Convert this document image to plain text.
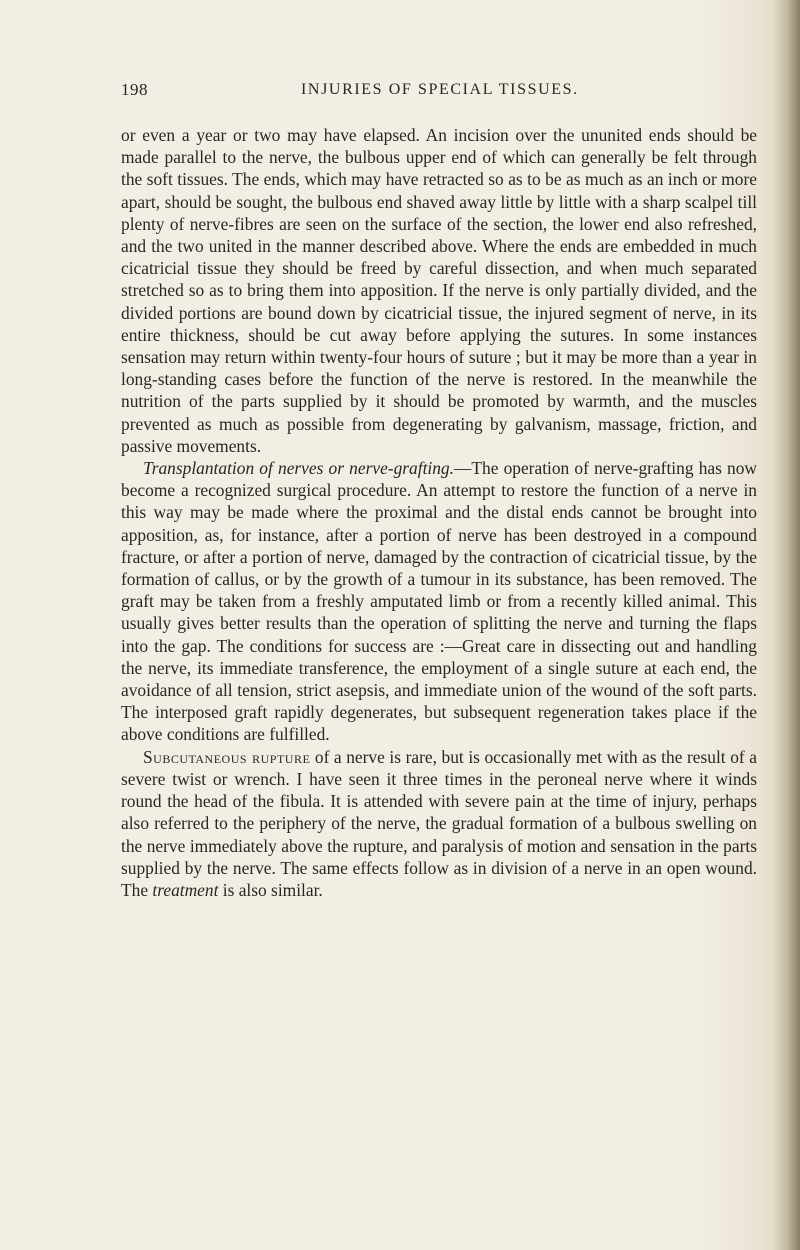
198	INJURIES OF SPECIAL TISSUES.

or even a year or two may have elapsed. An incision over the ununited ends should be made parallel to the nerve, the bulbous upper end of which can generally be felt through the soft tissues. The ends, which may have retracted so as to be as much as an inch or more apart, should be sought, the bulbous end shaved away little by little with a sharp scalpel till plenty of nerve-fibres are seen on the surface of the section, the lower end also refreshed, and the two united in the manner described above. Where the ends are embedded in much cicatricial tissue they should be freed by careful dissection, and when much separated stretched so as to bring them into apposition. If the nerve is only partially divided, and the divided portions are bound down by cicatricial tissue, the injured segment of nerve, in its entire thickness, should be cut away before applying the sutures. In some instances sensation may return within twenty-four hours of suture ; but it may be more than a year in long-standing cases before the function of the nerve is restored. In the meanwhile the nutrition of the parts supplied by it should be promoted by warmth, and the muscles prevented as much as possible from degenerating by galvanism, massage, friction, and passive movements.

Transplantation of nerves or nerve-grafting.—The operation of nerve-grafting has now become a recognized surgical procedure. An attempt to restore the function of a nerve in this way may be made where the proximal and the distal ends cannot be brought into apposition, as, for instance, after a portion of nerve has been destroyed in a compound fracture, or after a portion of nerve, damaged by the contraction of cicatricial tissue, by the formation of callus, or by the growth of a tumour in its substance, has been removed. The graft may be taken from a freshly amputated limb or from a recently killed animal. This usually gives better results than the operation of splitting the nerve and turning the flaps into the gap. The conditions for success are :—Great care in dissecting out and handling the nerve, its immediate transference, the employment of a single suture at each end, the avoidance of all tension, strict asepsis, and immediate union of the wound of the soft parts. The interposed graft rapidly degenerates, but subsequent regeneration takes place if the above conditions are fulfilled.

Subcutaneous rupture of a nerve is rare, but is occasionally met with as the result of a severe twist or wrench. I have seen it three times in the peroneal nerve where it winds round the head of the fibula. It is attended with severe pain at the time of injury, perhaps also referred to the periphery of the nerve, the gradual formation of a bulbous swelling on the nerve immediately above the rupture, and paralysis of motion and sensation in the parts supplied by the nerve. The same effects follow as in division of a nerve in an open wound. The treatment is also similar.
